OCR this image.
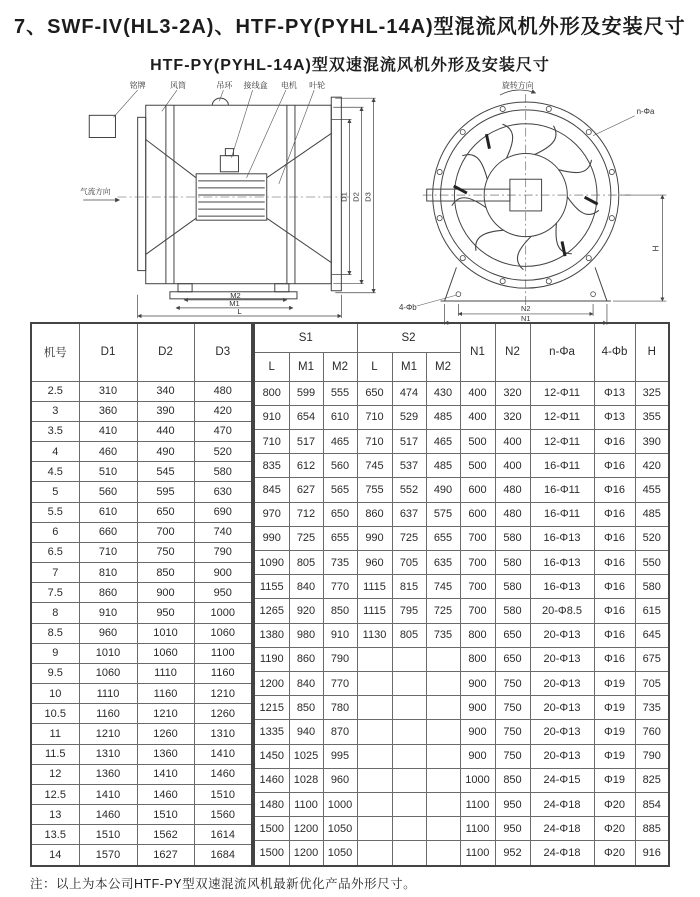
7、SWF-IV(HL3-2A)、HTF-PY(PYHL-14A)型混流风机外形及安装尺寸
HTF-PY(PYHL-14A)型双速混流风机外形及安装尺寸
铭牌	风筒	吊环 接线盒 电机 叶轮
气流方向
D1 D2 D3
M2
M1
L
旋转方向
n-Φa
4-Φb
H
N2
N1
机号	D1	D2	D3
2.5	310	340	480
3	360	390	420
3.5	410	440	470
4	460	490	520
4.5	510	545	580
5	560	595	630
5.5	610	650	690
6	660	700	740
6.5	710	750	790
7	810	850	900
7.5	860	900	950
8	910	950	1000
8.5	960	1010	1060
9	1010	1060	1100
9.5	1060	1110	1160
10	1110	1160	1210
10.5	1160	1210	1260
11	1210	1260	1310
11.5	1310	1360	1410
12	1360	1410	1460
12.5	1410	1460	1510
13	1460	1510	1560
13.5	1510	1562	1614
14	1570	1627	1684
S1			S2			N1	N2	n-Φa	4-Φb	H
L	M1	M2	L	M1	M2					
800	599	555	650	474	430	400	320	12-Φ11	Φ13	325
910	654	610	710	529	485	400	320	12-Φ11	Φ13	355
710	517	465	710	517	465	500	400	12-Φ11	Φ16	390
835	612	560	745	537	485	500	400	16-Φ11	Φ16	420
845	627	565	755	552	490	600	480	16-Φ11	Φ16	455
970	712	650	860	637	575	600	480	16-Φ11	Φ16	485
990	725	655	990	725	655	700	580	16-Φ13	Φ16	520
1090	805	735	960	705	635	700	580	16-Φ13	Φ16	550
1155	840	770	1115	815	745	700	580	16-Φ13	Φ16	580
1265	920	850	1115	795	725	700	580	20-Φ8.5	Φ16	615
1380	980	910	1130	805	735	800	650	20-Φ13	Φ16	645
1190	860	790				800	650	20-Φ13	Φ16	675
1200	840	770				900	750	20-Φ13	Φ19	705
1215	850	780				900	750	20-Φ13	Φ19	735
1335	940	870				900	750	20-Φ13	Φ19	760
1450	1025	995				900	750	20-Φ13	Φ19	790
1460	1028	960				1000	850	24-Φ15	Φ19	825
1480	1100	1000				1100	950	24-Φ18	Φ20	854
1500	1200	1050				1100	950	24-Φ18	Φ20	885
1500	1200	1050				1100	952	24-Φ18	Φ20	916
注：以上为本公司HTF-PY型双速混流风机最新优化产品外形尺寸。
